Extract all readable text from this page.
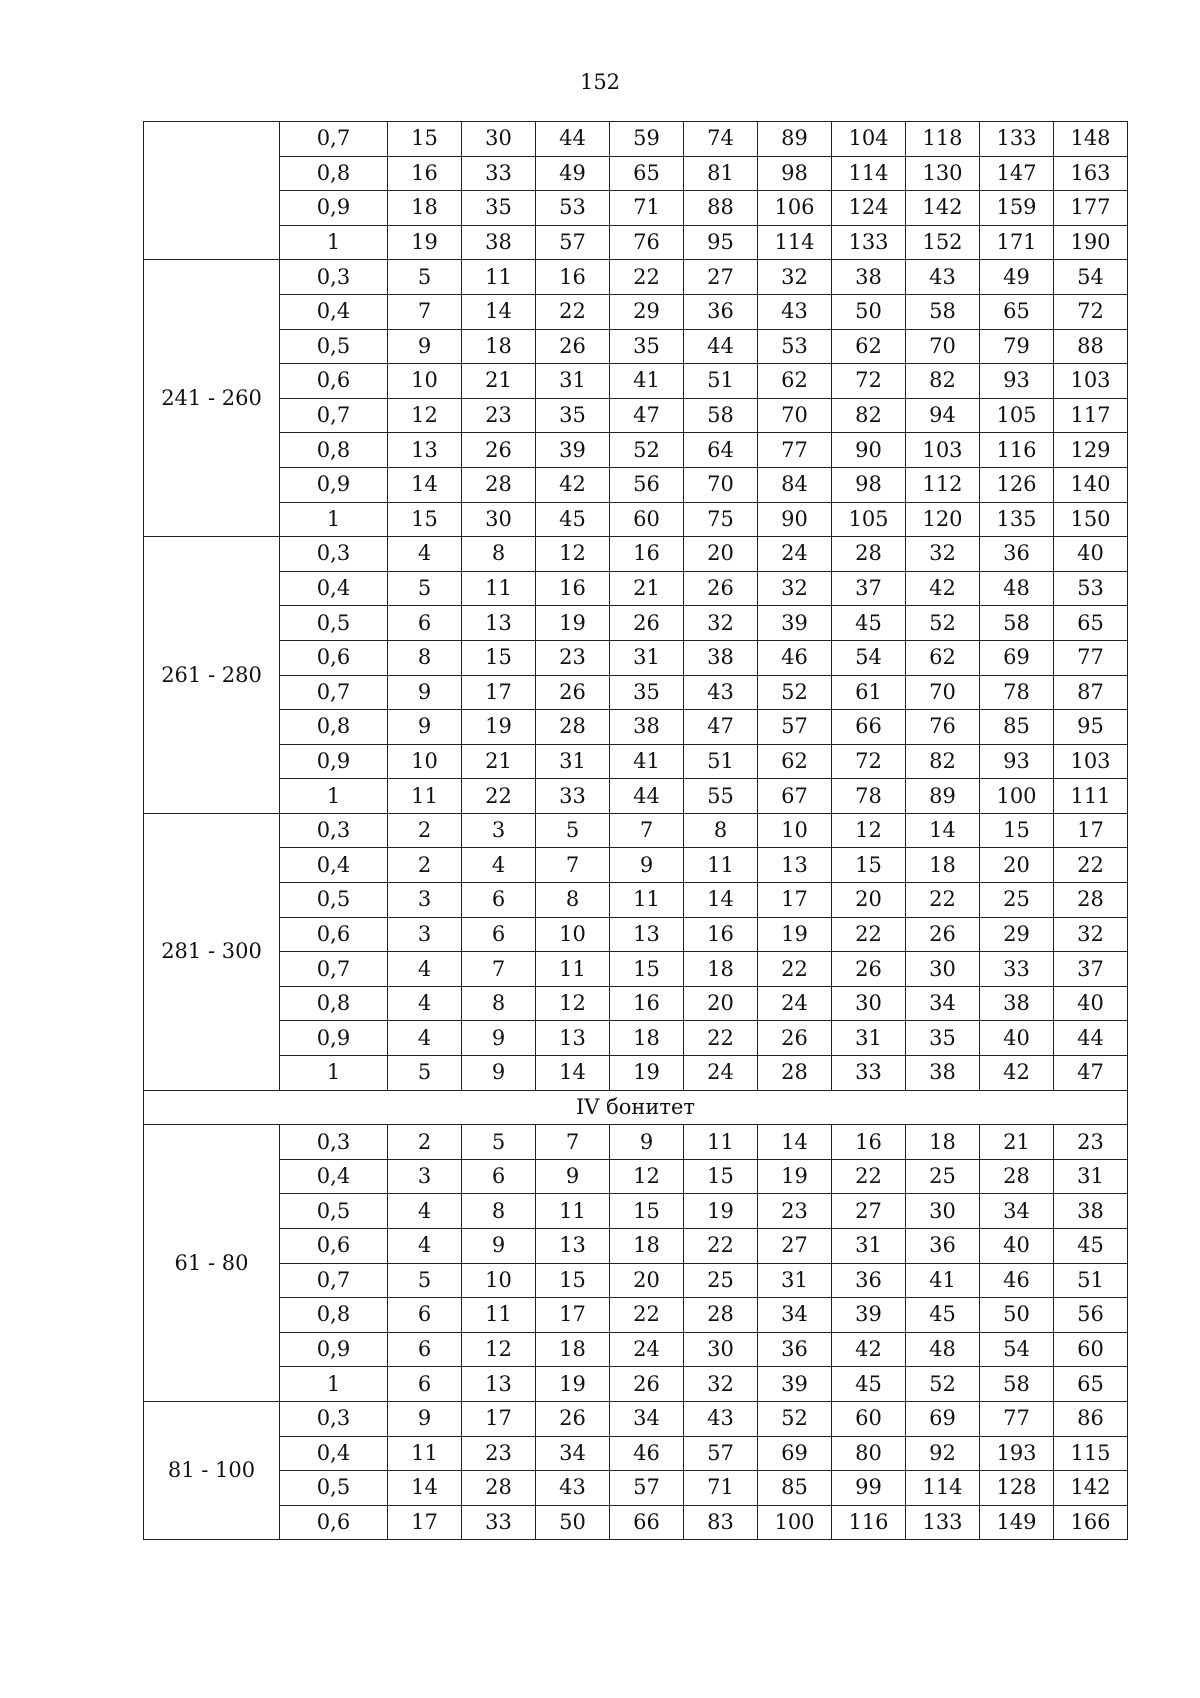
152
	0,7	15	30	44	59	74	89	104	118	133	148
	0,8	16	33	49	65	81	98	114	130	147	163
	0,9	18	35	53	71	88	106	124	142	159	177
	1	19	38	57	76	95	114	133	152	171	190
241 - 260	0,3	5	11	16	22	27	32	38	43	49	54
	0,4	7	14	22	29	36	43	50	58	65	72
	0,5	9	18	26	35	44	53	62	70	79	88
	0,6	10	21	31	41	51	62	72	82	93	103
	0,7	12	23	35	47	58	70	82	94	105	117
	0,8	13	26	39	52	64	77	90	103	116	129
	0,9	14	28	42	56	70	84	98	112	126	140
	1	15	30	45	60	75	90	105	120	135	150
261 - 280	0,3	4	8	12	16	20	24	28	32	36	40
	0,4	5	11	16	21	26	32	37	42	48	53
	0,5	6	13	19	26	32	39	45	52	58	65
	0,6	8	15	23	31	38	46	54	62	69	77
	0,7	9	17	26	35	43	52	61	70	78	87
	0,8	9	19	28	38	47	57	66	76	85	95
	0,9	10	21	31	41	51	62	72	82	93	103
	1	11	22	33	44	55	67	78	89	100	111
281 - 300	0,3	2	3	5	7	8	10	12	14	15	17
	0,4	2	4	7	9	11	13	15	18	20	22
	0,5	3	6	8	11	14	17	20	22	25	28
	0,6	3	6	10	13	16	19	22	26	29	32
	0,7	4	7	11	15	18	22	26	30	33	37
	0,8	4	8	12	16	20	24	30	34	38	40
	0,9	4	9	13	18	22	26	31	35	40	44
	1	5	9	14	19	24	28	33	38	42	47
IV бонитет											
61 - 80	0,3	2	5	7	9	11	14	16	18	21	23
	0,4	3	6	9	12	15	19	22	25	28	31
	0,5	4	8	11	15	19	23	27	30	34	38
	0,6	4	9	13	18	22	27	31	36	40	45
	0,7	5	10	15	20	25	31	36	41	46	51
	0,8	6	11	17	22	28	34	39	45	50	56
	0,9	6	12	18	24	30	36	42	48	54	60
	1	6	13	19	26	32	39	45	52	58	65
81 - 100	0,3	9	17	26	34	43	52	60	69	77	86
	0,4	11	23	34	46	57	69	80	92	193	115
	0,5	14	28	43	57	71	85	99	114	128	142
	0,6	17	33	50	66	83	100	116	133	149	166
